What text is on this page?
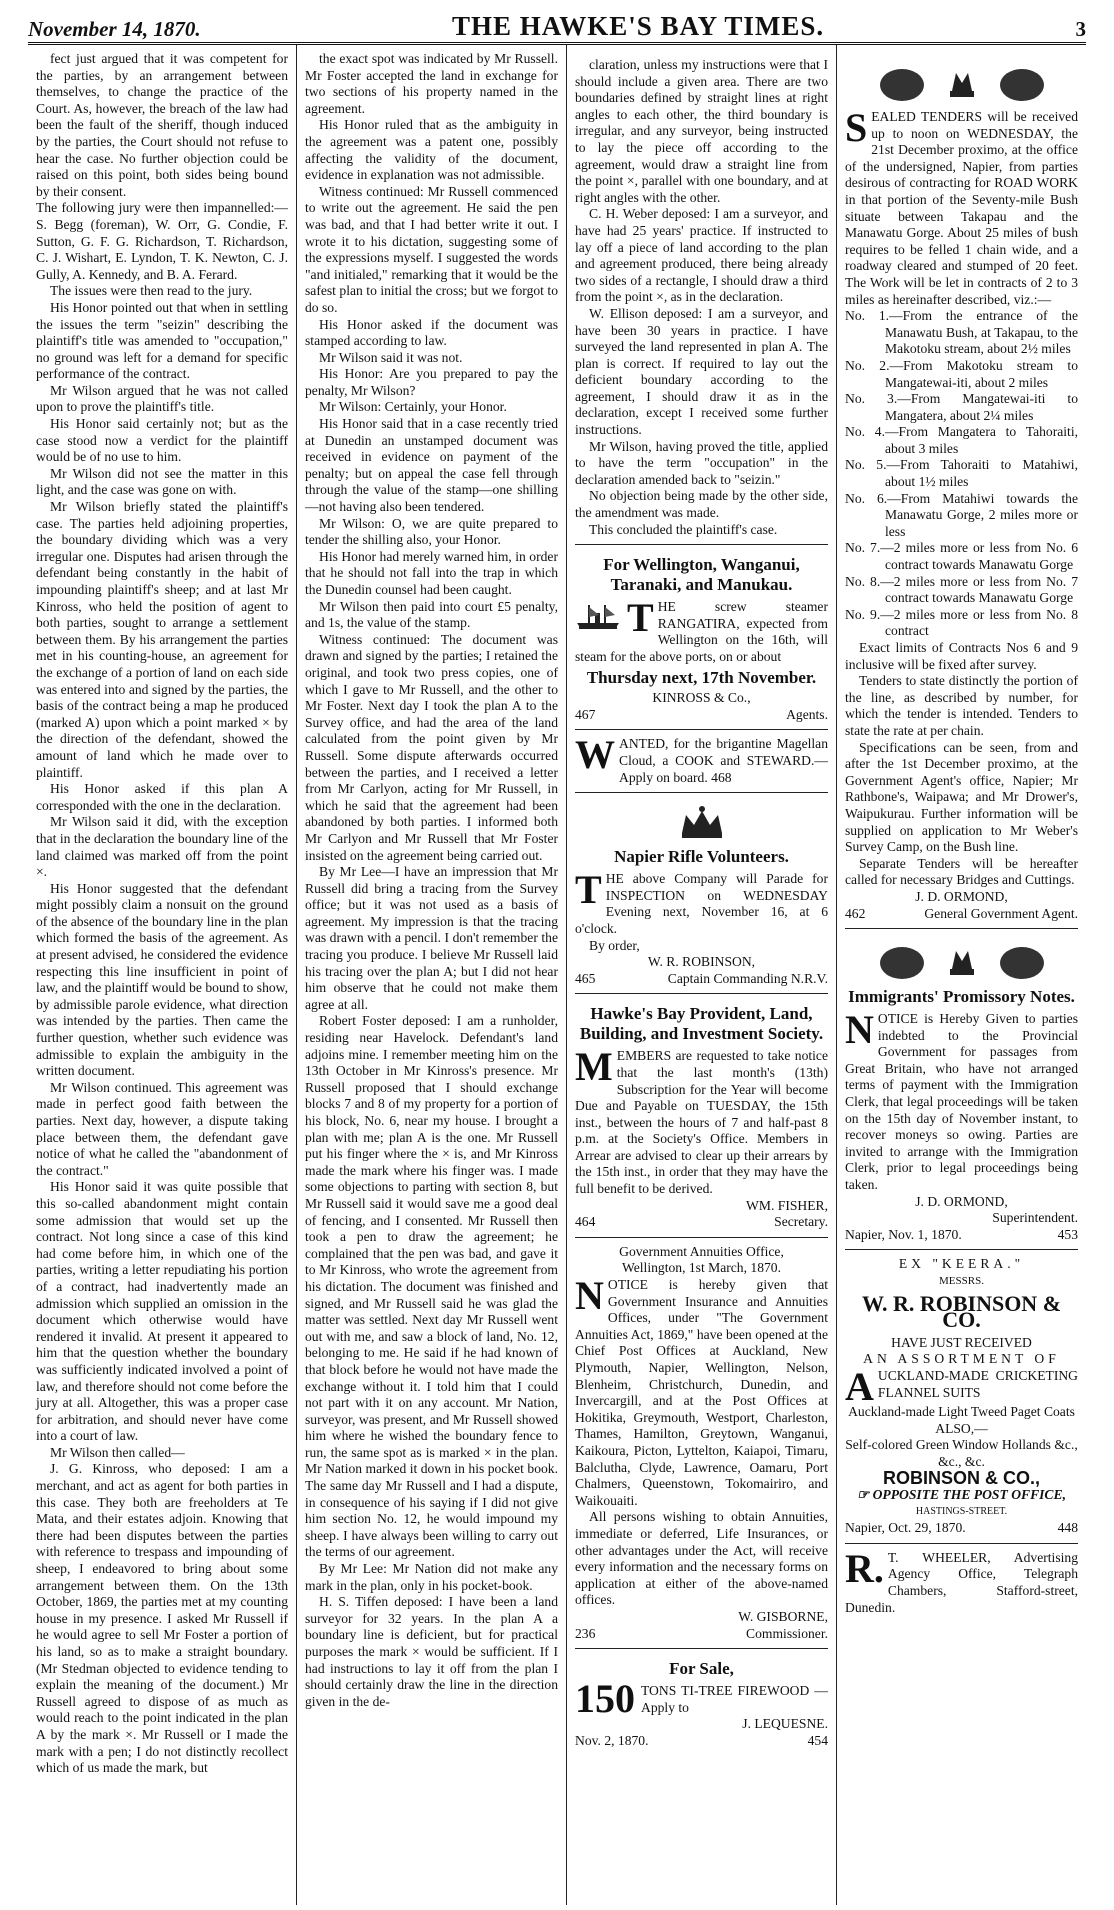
November 14, 1870.	THE HAWKE'S BAY TIMES.	3

fect just argued that it was competent for the parties, by an arrangement between themselves, to change the practice of the Court. As, however, the breach of the law had been the fault of the sheriff, though induced by the parties, the Court should not refuse to hear the case. No further objection could be raised on this point, both sides being bound by their consent.

The following jury were then impannelled:—S. Begg (foreman), W. Orr, G. Condie, F. Sutton, G. F. G. Richardson, T. Richardson, C. J. Wishart, E. Lyndon, T. K. Newton, C. J. Gully, A. Kennedy, and B. A. Ferard.

The issues were then read to the jury.

His Honor pointed out that when in settling the issues the term "seizin" describing the plaintiff's title was amended to "occupation," no ground was left for a demand for specific performance of the contract.

Mr Wilson argued that he was not called upon to prove the plaintiff's title.

His Honor said certainly not; but as the case stood now a verdict for the plaintiff would be of no use to him.

Mr Wilson did not see the matter in this light, and the case was gone on with.

Mr Wilson briefly stated the plaintiff's case. The parties held adjoining properties, the boundary dividing which was a very irregular one. Disputes had arisen through the defendant being constantly in the habit of impounding plaintiff's sheep; and at last Mr Kinross, who held the position of agent to both parties, sought to arrange a settlement between them. By his arrangement the parties met in his counting-house, an agreement for the exchange of a portion of land on each side was entered into and signed by the parties, the basis of the contract being a map he produced (marked A) upon which a point marked × by the direction of the defendant, showed the amount of land which he made over to plaintiff.

His Honor asked if this plan A corresponded with the one in the declaration.

Mr Wilson said it did, with the exception that in the declaration the boundary line of the land claimed was marked off from the point ×.

His Honor suggested that the defendant might possibly claim a nonsuit on the ground of the absence of the boundary line in the plan which formed the basis of the agreement. As at present advised, he considered the evidence respecting this line insufficient in point of law, and the plaintiff would be bound to show, by admissible parole evidence, what direction was intended by the parties. Then came the further question, whether such evidence was admissible to explain the ambiguity in the written document.

Mr Wilson continued. This agreement was made in perfect good faith between the parties. Next day, however, a dispute taking place between them, the defendant gave notice of what he called the "abandonment of the contract."

His Honor said it was quite possible that this so-called abandonment might contain some admission that would set up the contract. Not long since a case of this kind had come before him, in which one of the parties, writing a letter repudiating his portion of a contract, had inadvertently made an admission which supplied an omission in the document which otherwise would have rendered it invalid. At present it appeared to him that the question whether the boundary was sufficiently indicated involved a point of law, and therefore should not come before the jury at all. Altogether, this was a proper case for arbitration, and should never have come into a court of law.

Mr Wilson then called—

J. G. Kinross, who deposed: I am a merchant, and act as agent for both parties in this case. They both are freeholders at Te Mata, and their estates adjoin. Knowing that there had been disputes between the parties with reference to trespass and impounding of sheep, I endeavored to bring about some arrangement between them. On the 13th October, 1869, the parties met at my counting house in my presence. I asked Mr Russell if he would agree to sell Mr Foster a portion of his land, so as to make a straight boundary. (Mr Stedman objected to evidence tending to explain the meaning of the document.) Mr Russell agreed to dispose of as much as would reach to the point indicated in the plan A by the mark ×. Mr Russell or I made the mark with a pen; I do not distinctly recollect which of us made the mark, but

the exact spot was indicated by Mr Russell. Mr Foster accepted the land in exchange for two sections of his property named in the agreement.

His Honor ruled that as the ambiguity in the agreement was a patent one, possibly affecting the validity of the document, evidence in explanation was not admissible.

Witness continued: Mr Russell commenced to write out the agreement. He said the pen was bad, and that I had better write it out. I wrote it to his dictation, suggesting some of the expressions myself. I suggested the words "and initialed," remarking that it would be the safest plan to initial the cross; but we forgot to do so.

His Honor asked if the document was stamped according to law.

Mr Wilson said it was not.

His Honor: Are you prepared to pay the penalty, Mr Wilson?

Mr Wilson: Certainly, your Honor.

His Honor said that in a case recently tried at Dunedin an unstamped document was received in evidence on payment of the penalty; but on appeal the case fell through through the value of the stamp—one shilling—not having also been tendered.

Mr Wilson: O, we are quite prepared to tender the shilling also, your Honor.

His Honor had merely warned him, in order that he should not fall into the trap in which the Dunedin counsel had been caught.

Mr Wilson then paid into court £5 penalty, and 1s, the value of the stamp.

Witness continued: The document was drawn and signed by the parties; I retained the original, and took two press copies, one of which I gave to Mr Russell, and the other to Mr Foster. Next day I took the plan A to the Survey office, and had the area of the land calculated from the point given by Mr Russell. Some dispute afterwards occurred between the parties, and I received a letter from Mr Carlyon, acting for Mr Russell, in which he said that the agreement had been abandoned by both parties. I informed both Mr Carlyon and Mr Russell that Mr Foster insisted on the agreement being carried out.

By Mr Lee—I have an impression that Mr Russell did bring a tracing from the Survey office; but it was not used as a basis of agreement. My impression is that the tracing was drawn with a pencil. I don't remember the tracing you produce. I believe Mr Russell laid his tracing over the plan A; but I did not hear him observe that he could not make them agree at all.

Robert Foster deposed: I am a runholder, residing near Havelock. Defendant's land adjoins mine. I remember meeting him on the 13th October in Mr Kinross's presence. Mr Russell proposed that I should exchange blocks 7 and 8 of my property for a portion of his block, No. 6, near my house. I brought a plan with me; plan A is the one. Mr Russell put his finger where the × is, and Mr Kinross made the mark where his finger was. I made some objections to parting with section 8, but Mr Russell said it would save me a good deal of fencing, and I consented. Mr Russell then took a pen to draw the agreement; he complained that the pen was bad, and gave it to Mr Kinross, who wrote the agreement from his dictation. The document was finished and signed, and Mr Russell said he was glad the matter was settled. Next day Mr Russell went out with me, and saw a block of land, No. 12, belonging to me. He said if he had known of that block before he would not have made the exchange without it. I told him that I could not part with it on any account. Mr Nation, surveyor, was present, and Mr Russell showed him where he wished the boundary fence to run, the same spot as is marked × in the plan. Mr Nation marked it down in his pocket book. The same day Mr Russell and I had a dispute, in consequence of his saying if I did not give him section No. 12, he would impound my sheep. I have always been willing to carry out the terms of our agreement.

By Mr Lee: Mr Nation did not make any mark in the plan, only in his pocket-book.

H. S. Tiffen deposed: I have been a land surveyor for 32 years. In the plan A a boundary line is deficient, but for practical purposes the mark × would be sufficient. If I had instructions to lay it off from the plan I should certainly draw the line in the direction given in the de-

claration, unless my instructions were that I should include a given area. There are two boundaries defined by straight lines at right angles to each other, the third boundary is irregular, and any surveyor, being instructed to lay the piece off according to the agreement, would draw a straight line from the point ×, parallel with one boundary, and at right angles with the other.

C. H. Weber deposed: I am a surveyor, and have had 25 years' practice. If instructed to lay off a piece of land according to the plan and agreement produced, there being already two sides of a rectangle, I should draw a third from the point ×, as in the declaration.

W. Ellison deposed: I am a surveyor, and have been 30 years in practice. I have surveyed the land represented in plan A. The plan is correct. If required to lay out the deficient boundary according to the agreement, I should draw it as in the declaration, except I received some further instructions.

Mr Wilson, having proved the title, applied to have the term "occupation" in the declaration amended back to "seizin."

No objection being made by the other side, the amendment was made.

This concluded the plaintiff's case.

For Wellington, Wanganui, Taranaki, and Manukau.

THE screw steamer RANGATIRA, expected from Wellington on the 16th, will steam for the above ports, on or about

Thursday next, 17th November.

KINROSS & Co.,

467	Agents.

WANTED, for the brigantine Magellan Cloud, a COOK and STEWARD.—Apply on board. 468

Napier Rifle Volunteers.

THE above Company will Parade for INSPECTION on WEDNESDAY Evening next, November 16, at 6 o'clock.

By order,

W. R. ROBINSON,

465	Captain Commanding N.R.V.
Hawke's Bay Provident, Land, Building, and Investment Society.

MEMBERS are requested to take notice that the last month's (13th) Subscription for the Year will become Due and Payable on TUESDAY, the 15th inst., between the hours of 7 and half-past 8 p.m. at the Society's Office. Members in Arrear are advised to clear up their arrears by the 15th inst., in order that they may have the full benefit to be derived.

WM. FISHER,

464	Secretary.

Government Annuities Office,

Wellington, 1st March, 1870.

NOTICE is hereby given that Government Insurance and Annuities Offices, under "The Government Annuities Act, 1869," have been opened at the Chief Post Offices at Auckland, New Plymouth, Napier, Wellington, Nelson, Blenheim, Christchurch, Dunedin, and Invercargill, and at the Post Offices at Hokitika, Greymouth, Westport, Charleston, Thames, Hamilton, Greytown, Wanganui, Kaikoura, Picton, Lyttelton, Kaiapoi, Timaru, Balclutha, Clyde, Lawrence, Oamaru, Port Chalmers, Queenstown, Tokomairiro, and Waikouaiti.

All persons wishing to obtain Annuities, immediate or deferred, Life Insurances, or other advantages under the Act, will receive every information and the necessary forms on application at either of the above-named offices.

W. GISBORNE,

236	Commissioner.
For Sale,
150 TONS TI-TREE FIREWOOD —Apply to

J. LEQUESNE.

Nov. 2, 1870.	454

SEALED TENDERS will be received up to noon on WEDNESDAY, the 21st December proximo, at the office of the undersigned, Napier, from parties desirous of contracting for ROAD WORK in that portion of the Seventy-mile Bush situate between Takapau and the Manawatu Gorge. About 25 miles of bush requires to be felled 1 chain wide, and a roadway cleared and stumped of 20 feet. The Work will be let in contracts of 2 to 3 miles as hereinafter described, viz.:—

No. 1.—From the entrance of the Manawatu Bush, at Takapau, to the Makotoku stream, about 2½ miles

No. 2.—From Makotoku stream to Mangatewai-iti, about 2 miles

No. 3.—From Mangatewai-iti to Mangatera, about 2¼ miles

No. 4.—From Mangatera to Tahoraiti, about 3 miles

No. 5.—From Tahoraiti to Matahiwi, about 1½ miles

No. 6.—From Matahiwi towards the Manawatu Gorge, 2 miles more or less

No. 7.—2 miles more or less from No. 6 contract towards Manawatu Gorge

No. 8.—2 miles more or less from No. 7 contract towards Manawatu Gorge

No. 9.—2 miles more or less from No. 8 contract

Exact limits of Contracts Nos 6 and 9 inclusive will be fixed after survey.

Tenders to state distinctly the portion of the line, as described by number, for which the tender is intended. Tenders to state the rate at per chain.

Specifications can be seen, from and after the 1st December proximo, at the Government Agent's office, Napier; Mr Rathbone's, Waipawa; and Mr Drower's, Waipukurau. Further information will be supplied on application to Mr Weber's Survey Camp, on the Bush line.

Separate Tenders will be hereafter called for necessary Bridges and Cuttings.

J. D. ORMOND,

462	General Government Agent.
Immigrants' Promissory Notes.

NOTICE is Hereby Given to parties indebted to the Provincial Government for passages from Great Britain, who have not arranged terms of payment with the Immigration Clerk, that legal proceedings will be taken on the 15th day of November instant, to recover moneys so owing. Parties are invited to arrange with the Immigration Clerk, prior to legal proceedings being taken.

J. D. ORMOND,

Superintendent.

Napier, Nov. 1, 1870.	453

EX "KEERA."

MESSRS.

W. R. ROBINSON & CO.

HAVE JUST RECEIVED

AN ASSORTMENT OF

AUCKLAND-MADE CRICKETING FLANNEL SUITS

Auckland-made Light Tweed Paget Coats

ALSO,—

Self-colored Green Window Hollands &c., &c., &c.

ROBINSON & CO.,

☞ OPPOSITE THE POST OFFICE,

HASTINGS-STREET.

Napier, Oct. 29, 1870.	448

R. T. WHEELER, Advertising Agency Office, Telegraph Chambers, Stafford-street, Dunedin.
